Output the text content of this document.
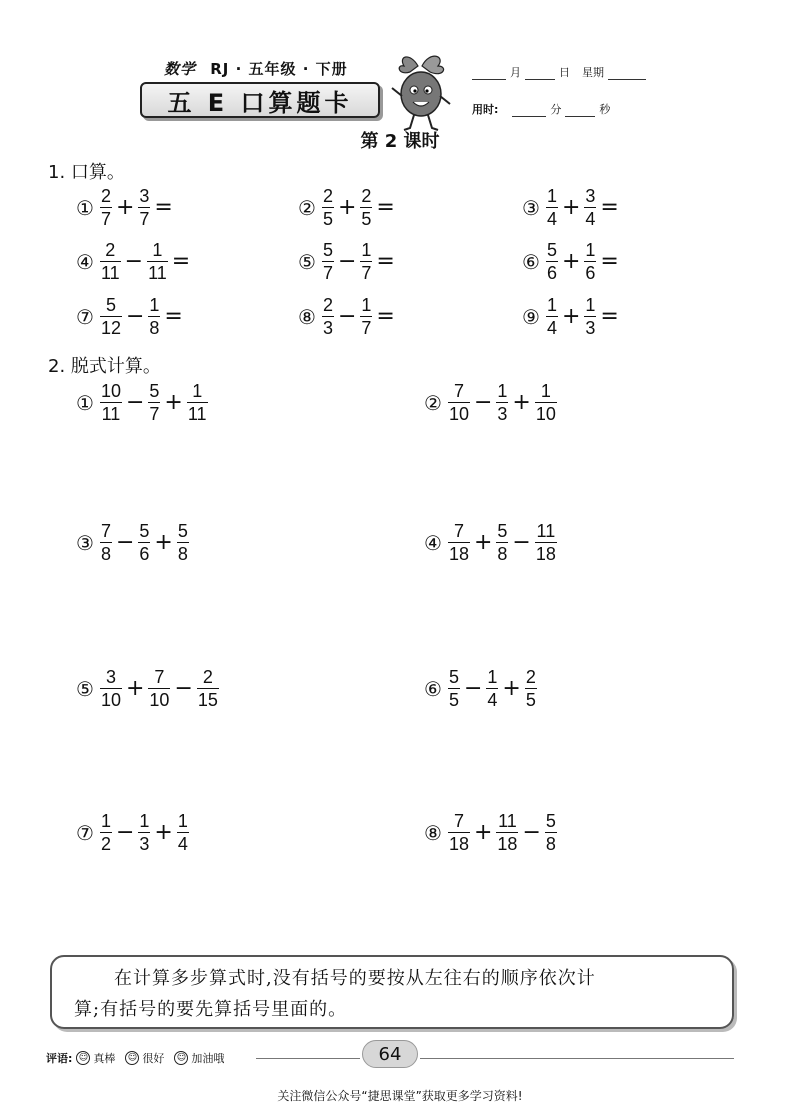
数学 RJ · 五年级 · 下册
五 E 口算题卡
月	日 星期
用时:	分	秒
第 2 课时
1. 口算。
① $\frac{2}{7} + \frac{3}{7}$ =	② $\frac{2}{5} + \frac{2}{5}$ =	③ $\frac{1}{4} + \frac{3}{4}$ =
④ $\frac{2}{11} - \frac{1}{11}$ =	⑤ $\frac{5}{7} - \frac{1}{7}$ =	⑥ $\frac{5}{6} + \frac{1}{6}$ =
⑦ $\frac{5}{12} - \frac{1}{8}$ =	⑧ $\frac{2}{3} - \frac{1}{7}$ =	⑨ $\frac{1}{4} + \frac{1}{3}$ =
2. 脱式计算。
① $\frac{10}{11} - \frac{5}{7} + \frac{1}{11}$	② $\frac{7}{10} - \frac{1}{3} + \frac{1}{10}$
③ $\frac{7}{8} - \frac{5}{6} + \frac{5}{8}$	④ $\frac{7}{18} + \frac{5}{8} - \frac{11}{18}$
⑤ $\frac{3}{10} + \frac{7}{10} - \frac{2}{15}$	⑥ $\frac{5}{5} - \frac{1}{4} + \frac{2}{5}$
⑦ $\frac{1}{2} - \frac{1}{3} + \frac{1}{4}$	⑧ $\frac{7}{18} + \frac{11}{18} - \frac{5}{8}$
在计算多步算式时,没有括号的要按从左往右的顺序依次计
算;有括号的要先算括号里面的。
评语: ☺ 真棒 ☺ 很好 ☺ 加油哦	64
关注微信公众号“捷思课堂”获取更多学习资料!
